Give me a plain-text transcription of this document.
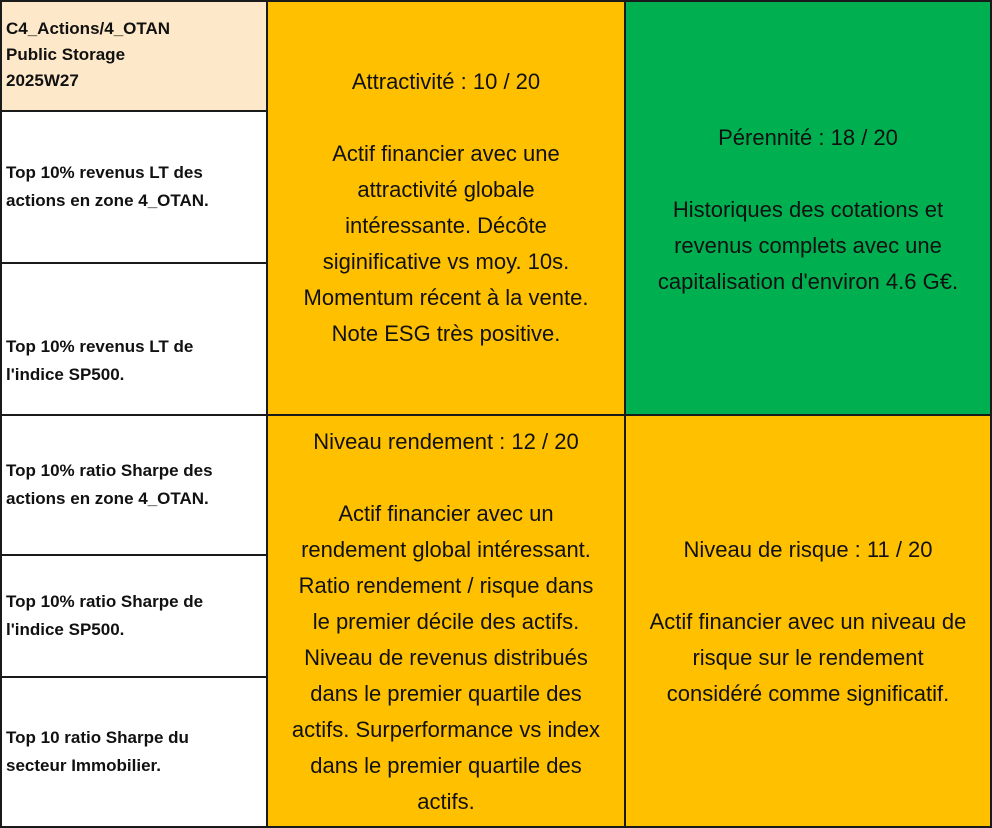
C4_Actions/4_OTAN
Public Storage
2025W27
Top 10% revenus LT des
actions en zone 4_OTAN.
Top 10% revenus LT de
l'indice SP500.
Top 10% ratio Sharpe des
actions en zone 4_OTAN.
Top 10% ratio Sharpe de
l'indice SP500.
Top 10 ratio Sharpe du
secteur Immobilier.
Attractivité : 10 / 20
Actif financier avec une
attractivité globale
intéressante. Décôte
siginificative vs moy. 10s.
Momentum récent à la vente.
Note ESG très positive.
Pérennité : 18 / 20
Historiques des cotations et
revenus complets avec une
capitalisation d'environ 4.6 G€.
Niveau rendement : 12 / 20
Actif financier avec un
rendement global intéressant.
Ratio rendement / risque dans
le premier décile des actifs.
Niveau de revenus distribués
dans le premier quartile des
actifs. Surperformance vs index
dans le premier quartile des
actifs.
Niveau de risque : 11 / 20
Actif financier avec un niveau de
risque sur le rendement
considéré comme significatif.
